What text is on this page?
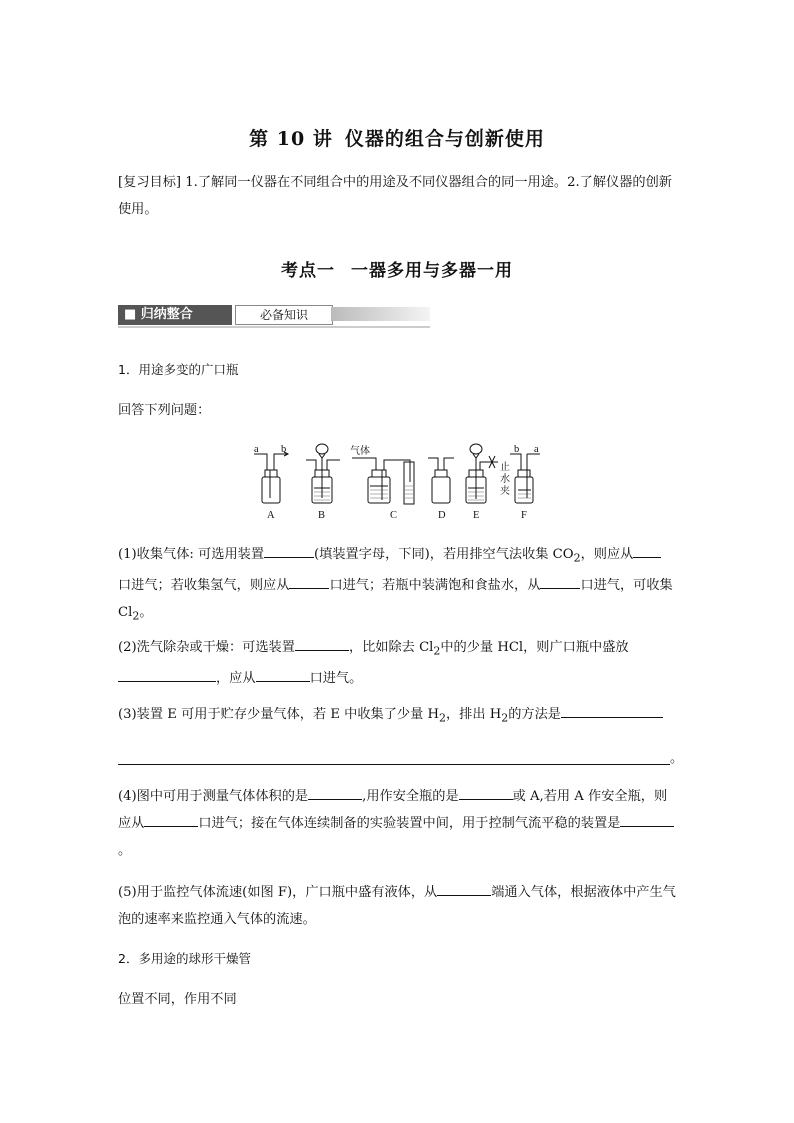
第 10 讲 仪器的组合与创新使用
[复习目标] 1.了解同一仪器在不同组合中的用途及不同仪器组合的同一用途。2.了解仪器的创新使用。
考点一 一器多用与多器一用
■ 归纳整合	必备知识
1．用途多变的广口瓶
回答下列问题：
a b	气体
止
水
夹
b a
A	B	C	D	E	F
(1)收集气体: 可选用装置	(填装置字母，下同)，若用排空气法收集 $CO_2$，则应从
口进气；若收集氢气，则应从	口进气；若瓶中装满饱和食盐水，从	口进气，可收集 $Cl_2$。
(2)洗气除杂或干燥：可选装置	，比如除去 $Cl_2$中的少量 HCl，则广口瓶中盛放
，应从	口进气。
(3)装置 E 可用于贮存少量气体，若 E 中收集了少量 $H_2$，排出 $H_2$的方法是
。
(4)图中可用于测量气体体积的是	,用作安全瓶的是	或 A,若用 A 作安全瓶，则应从	口进气；接在气体连续制备的实验装置中间，用于控制气流平稳的装置是。
(5)用于监控气体流速(如图 F)，广口瓶中盛有液体，从	端通入气体，根据液体中产生气泡的速率来监控通入气体的流速。
2．多用途的球形干燥管
位置不同，作用不同
